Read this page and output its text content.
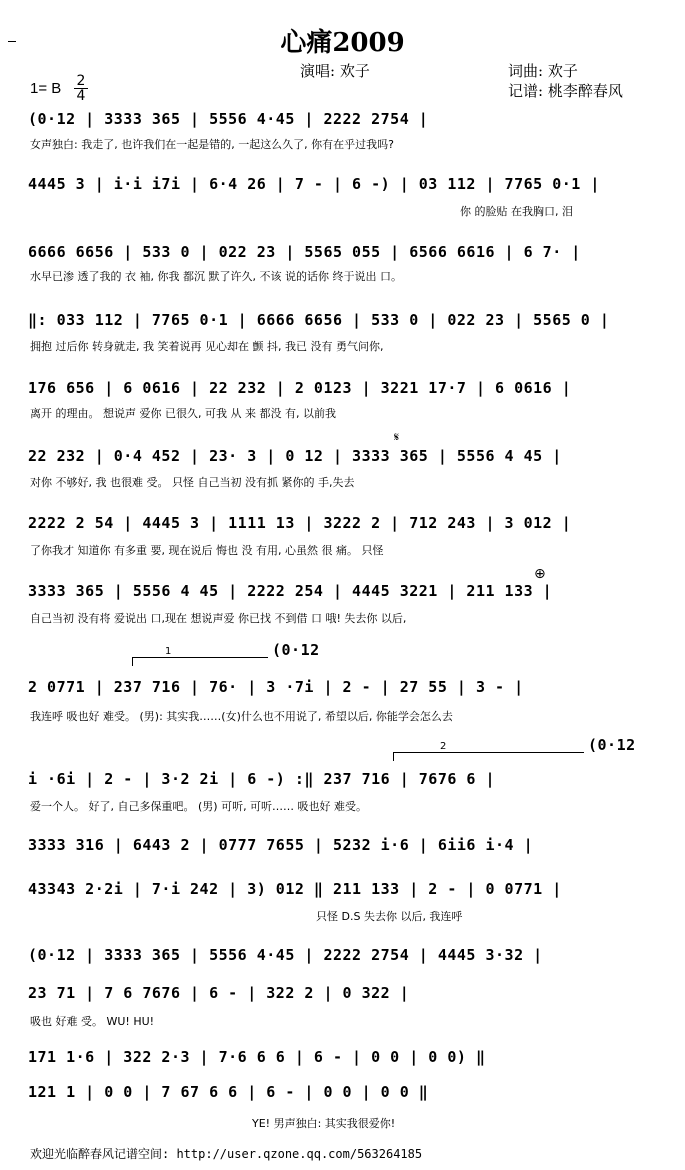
心痛2009
演唱: 欢子	词曲: 欢子
1= B $\frac{2}{4}$	记谱: 桃李醉春风
(0·12 | 3333 365 | 5556 4·45 | 2222 2754 |
女声独白: 我走了, 也许我们在一起是错的, 一起这么久了, 你有在乎过我吗?
4445 3 | i·i i7i | 6·4 26 | 7 - | 6 -) | 03 112 | 7765 0·1 |
你 的脸贴 在我胸口, 泪
6666 6656 | 533 0 | 022 23 | 5565 055 | 6566 6616 | 6 7· |
水早已渗 透了我的 衣 袖, 你我 都沉 默了许久, 不该 说的话你 终于说出 口。
‖: 033 112 | 7765 0·1 | 6666 6656 | 533 0 | 022 23 | 5565 0 |
拥抱 过后你 转身就走, 我 笑着说再 见心却在 颤 抖, 我已 没有 勇气问你,
176 656 | 6 0616 | 22 232 | 2 0123 | 3221 17·7 | 6 0616 |
离开 的理由。 想说声 爱你 已很久, 可我 从 来 都没 有, 以前我
𝄋
22 232 | 0·4 452 | 23· 3 | 0 12 | 3333 365 | 5556 4 45 |
对你 不够好, 我 也很难 受。 只怪 自己当初 没有抓 紧你的 手,失去
2222 2 54 | 4445 3 | 1111 13 | 3222 2 | 712 243 | 3 012 |
了你我才 知道你 有多重 要, 现在说后 悔也 没 有用, 心虽然 很 痛。 只怪
⊕
3333 365 | 5556 4 45 | 2222 254 | 4445 3221 | 211 133 |
自己当初 没有将 爱说出 口,现在 想说声爱 你已找 不到借 口 哦! 失去你 以后,
1	(0·12
2 0771 | 237 716 | 76· | 3 ·7i | 2 - | 27 55 | 3 - |
我连呼 吸也好 难受。 (男): 其实我……(女)什么也不用说了, 希望以后, 你能学会怎么去
2	(0·12
i ·6i | 2 - | 3·2 2i | 6 -) :‖ 237 716 | 7676 6 |
爱一个人。 好了, 自己多保重吧。 (男) 可听, 可听…… 吸也好 难受。
3333 316 | 6443 2 | 0777 7655 | 5232 i·6 | 6ii6 i·4 |
43343 2·2i | 7·i 242 | 3) 012 ‖ 211 133 | 2 - | 0 0771 |
只怪 D.S 失去你 以后, 我连呼
(0·12 | 3333 365 | 5556 4·45 | 2222 2754 | 4445 3·32 |
23 71 | 7 6 7676 | 6 - | 322 2 | 0 322 |
吸也 好难 受。 WU! HU!
171 1·6 | 322 2·3 | 7·6 6 6 | 6 - | 0 0 | 0 0) ‖
121 1 | 0 0 | 7 67 6 6 | 6 - | 0 0 | 0 0 ‖
YE! 男声独白: 其实我很爱你!
欢迎光临醉春风记谱空间: http://user.qzone.qq.com/563264185
